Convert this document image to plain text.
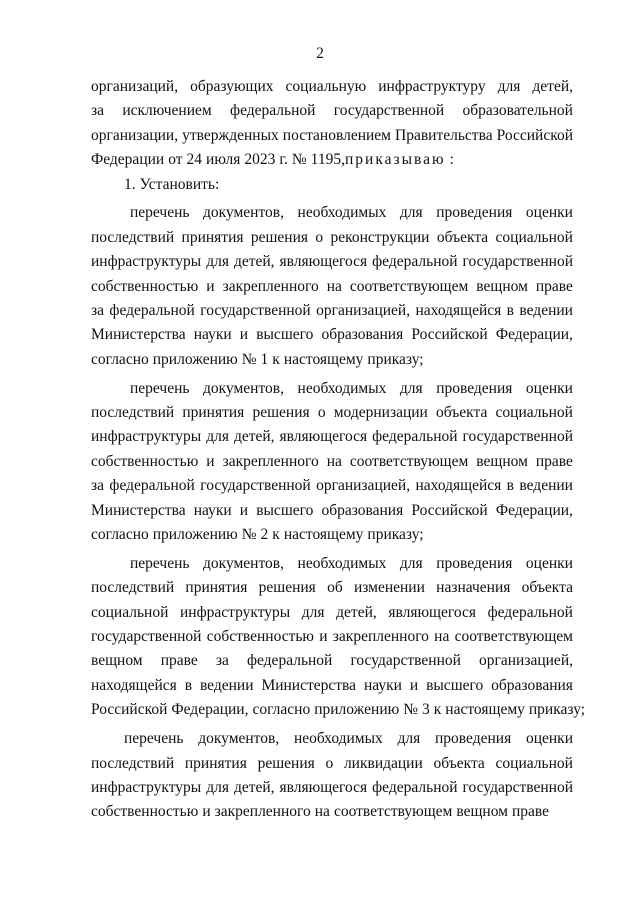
2
организаций, образующих социальную инфраструктуру для детей,
за исключением федеральной государственной образовательной
организации, утвержденных постановлением Правительства Российской
Федерации от 24 июля 2023 г. № 1195,приказываю :
1. Установить:
перечень документов, необходимых для проведения оценки
последствий принятия решения о реконструкции объекта социальной
инфраструктуры для детей, являющегося федеральной государственной
собственностью и закрепленного на соответствующем вещном праве
за федеральной государственной организацией, находящейся в ведении
Министерства науки и высшего образования Российской Федерации,
согласно приложению № 1 к настоящему приказу;
перечень документов, необходимых для проведения оценки
последствий принятия решения о модернизации объекта социальной
инфраструктуры для детей, являющегося федеральной государственной
собственностью и закрепленного на соответствующем вещном праве
за федеральной государственной организацией, находящейся в ведении
Министерства науки и высшего образования Российской Федерации,
согласно приложению № 2 к настоящему приказу;
перечень документов, необходимых для проведения оценки
последствий принятия решения об изменении назначения объекта
социальной инфраструктуры для детей, являющегося федеральной
государственной собственностью и закрепленного на соответствующем
вещном праве за федеральной государственной организацией,
находящейся в ведении Министерства науки и высшего образования
Российской Федерации, согласно приложению № 3 к настоящему приказу;
перечень документов, необходимых для проведения оценки
последствий принятия решения о ликвидации объекта социальной
инфраструктуры для детей, являющегося федеральной государственной
собственностью и закрепленного на соответствующем вещном праве
